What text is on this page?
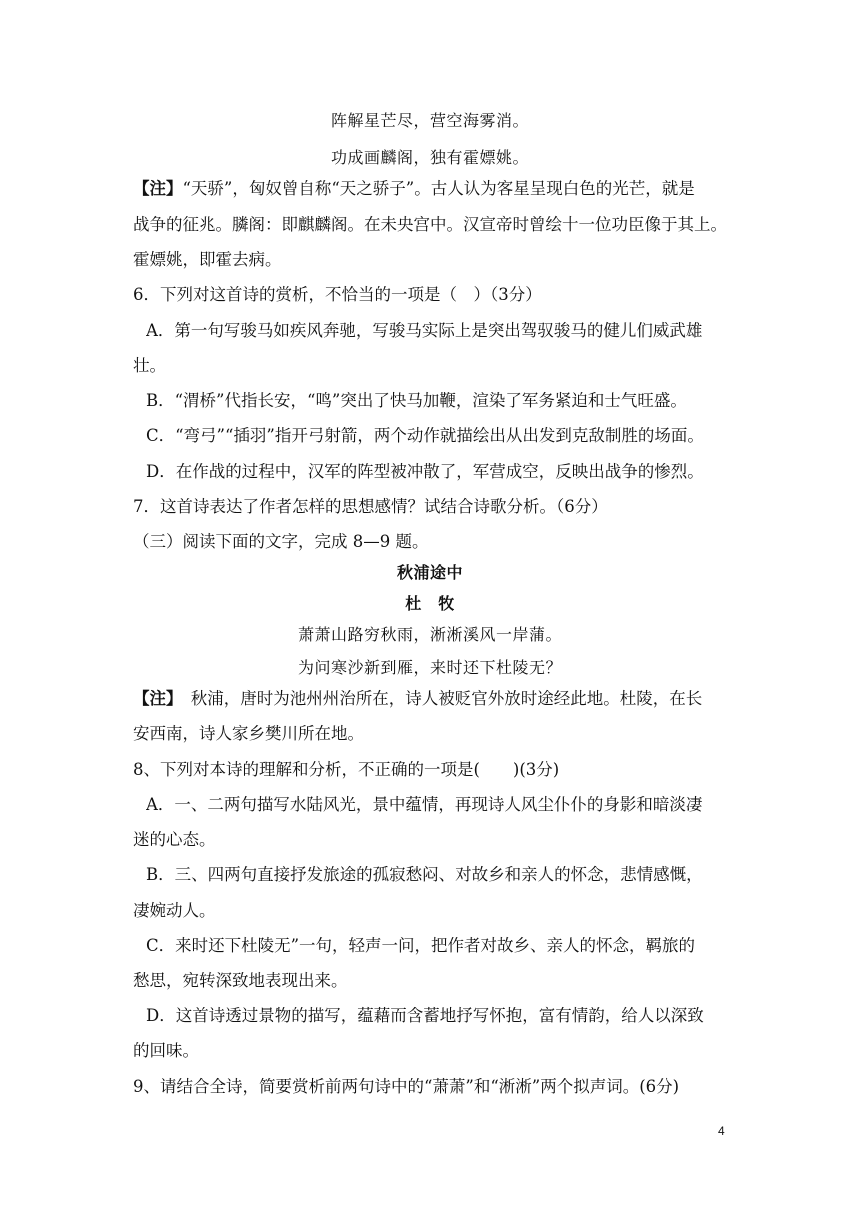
阵解星芒尽，营空海雾消。
功成画麟阁，独有霍嫖姚。
【注】“天骄”，匈奴曾自称“天之骄子”。古人认为客星呈现白色的光芒，就是
战争的征兆。膦阁：即麒麟阁。在未央宫中。汉宣帝时曾绘十一位功臣像于其上。
霍嫖姚，即霍去病。
6．下列对这首诗的赏析，不恰当的一项是（　）（3分）
A．第一句写骏马如疾风奔驰，写骏马实际上是突出驾驭骏马的健儿们威武雄
壮。
B．“渭桥”代指长安，“鸣”突出了快马加鞭，渲染了军务紧迫和士气旺盛。
C．“弯弓”“插羽”指开弓射箭，两个动作就描绘出从出发到克敌制胜的场面。
D．在作战的过程中，汉军的阵型被冲散了，军营成空，反映出战争的惨烈。
7．这首诗表达了作者怎样的思想感情？试结合诗歌分析。（6分）
（三）阅读下面的文字，完成 8—9 题。
秋浦途中
杜　牧
萧萧山路穷秋雨，淅淅溪风一岸蒲。
为问寒沙新到雁，来时还下杜陵无？
【注】　秋浦，唐时为池州州治所在，诗人被贬官外放时途经此地。杜陵，在长
安西南，诗人家乡樊川所在地。
8、下列对本诗的理解和分析，不正确的一项是(　　)(3分)
A．一、二两句描写水陆风光，景中蕴情，再现诗人风尘仆仆的身影和暗淡凄
迷的心态。
B．三、四两句直接抒发旅途的孤寂愁闷、对故乡和亲人的怀念，悲情感慨，
凄婉动人。
C．来时还下杜陵无”一句，轻声一问，把作者对故乡、亲人的怀念，羁旅的
愁思，宛转深致地表现出来。
D．这首诗透过景物的描写，蕴藉而含蓄地抒写怀抱，富有情韵，给人以深致
的回味。
9、请结合全诗，简要赏析前两句诗中的“萧萧”和“淅淅”两个拟声词。(6分)
4
